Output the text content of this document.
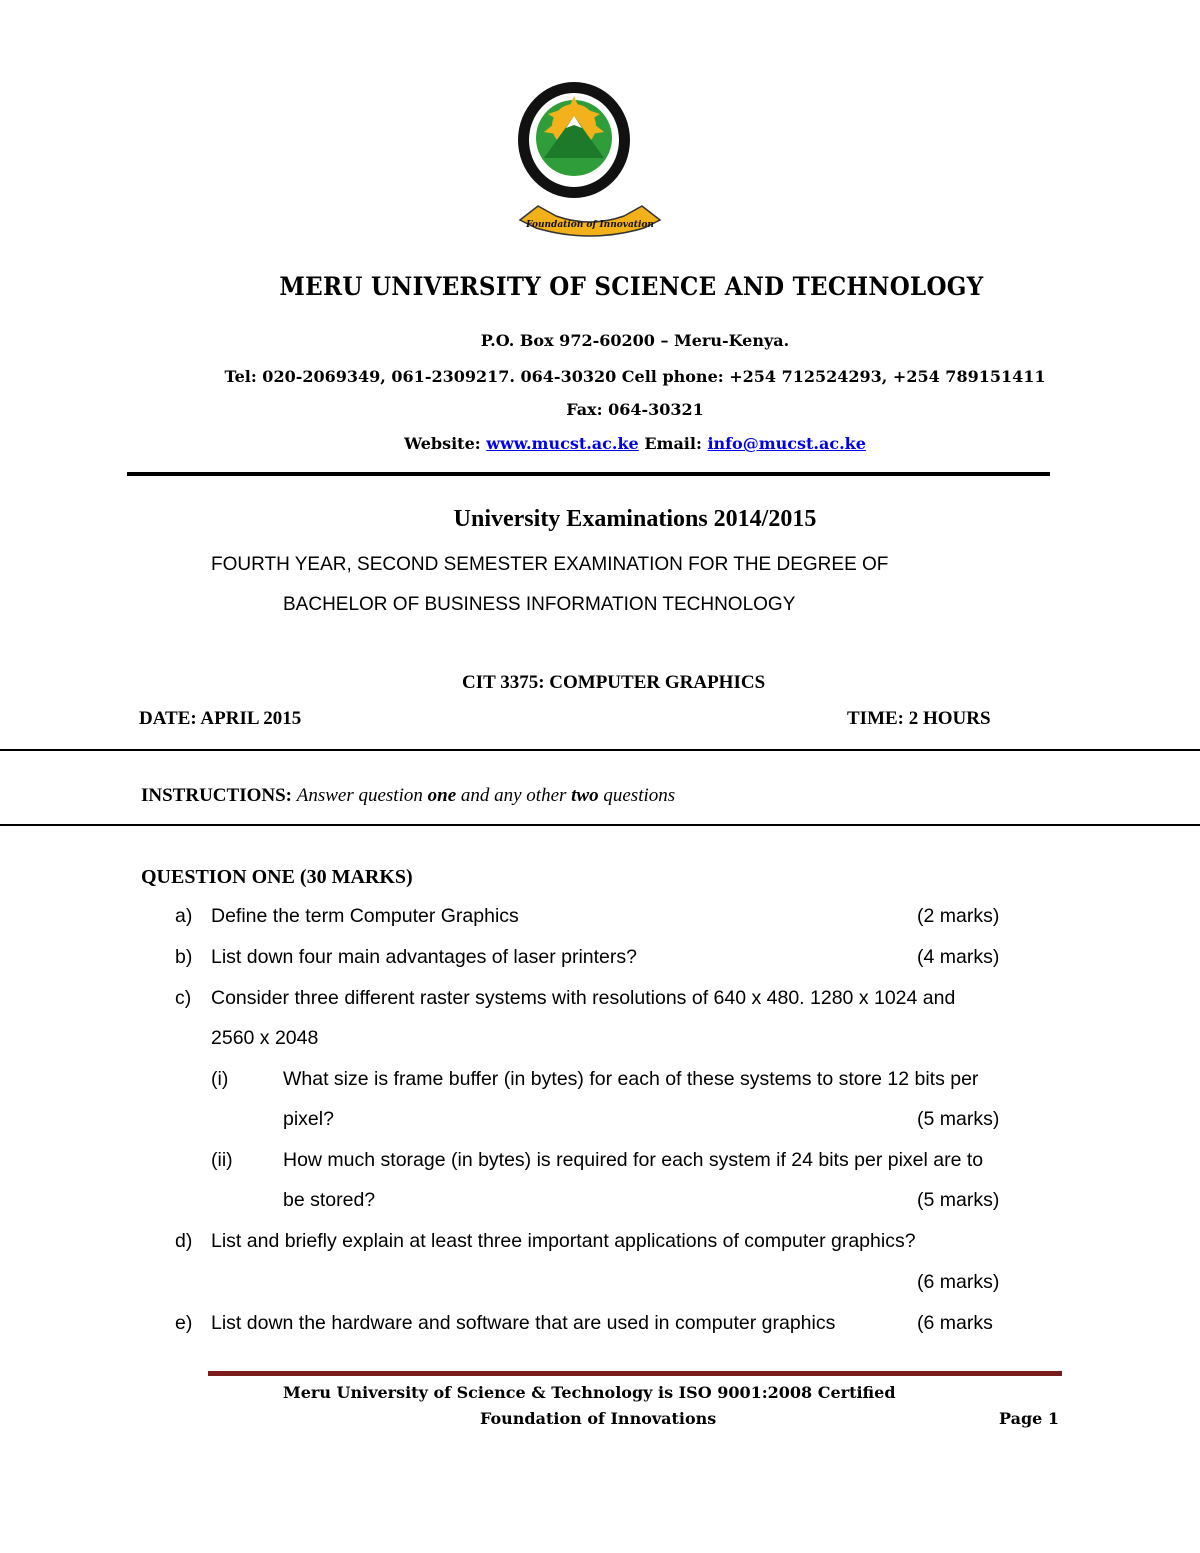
Foundation of Innovation
MERU UNIVERSITY OF SCIENCE AND TECHNOLOGY
P.O. Box 972-60200 – Meru-Kenya.
Tel: 020-2069349, 061-2309217. 064-30320 Cell phone: +254 712524293, +254 789151411
Fax: 064-30321
Website: www.mucst.ac.ke Email: info@mucst.ac.ke
University Examinations 2014/2015
FOURTH YEAR, SECOND SEMESTER EXAMINATION FOR THE DEGREE OF
BACHELOR OF BUSINESS INFORMATION TECHNOLOGY
CIT 3375: COMPUTER GRAPHICS
DATE: APRIL 2015	TIME: 2 HOURS
INSTRUCTIONS: Answer question one and any other two questions
QUESTION ONE (30 MARKS)
a) Define the term Computer Graphics	(2 marks)
b) List down four main advantages of laser printers?	(4 marks)
c) Consider three different raster systems with resolutions of 640 x 480. 1280 x 1024 and
2560 x 2048
(i)	What size is frame buffer (in bytes) for each of these systems to store 12 bits per
pixel?	(5 marks)
(ii)	How much storage (in bytes) is required for each system if 24 bits per pixel are to
be stored?	(5 marks)
d) List and briefly explain at least three important applications of computer graphics?
(6 marks)
e) List down the hardware and software that are used in computer graphics	(6 marks
Meru University of Science & Technology is ISO 9001:2008 Certified
Foundation of Innovations	Page 1
